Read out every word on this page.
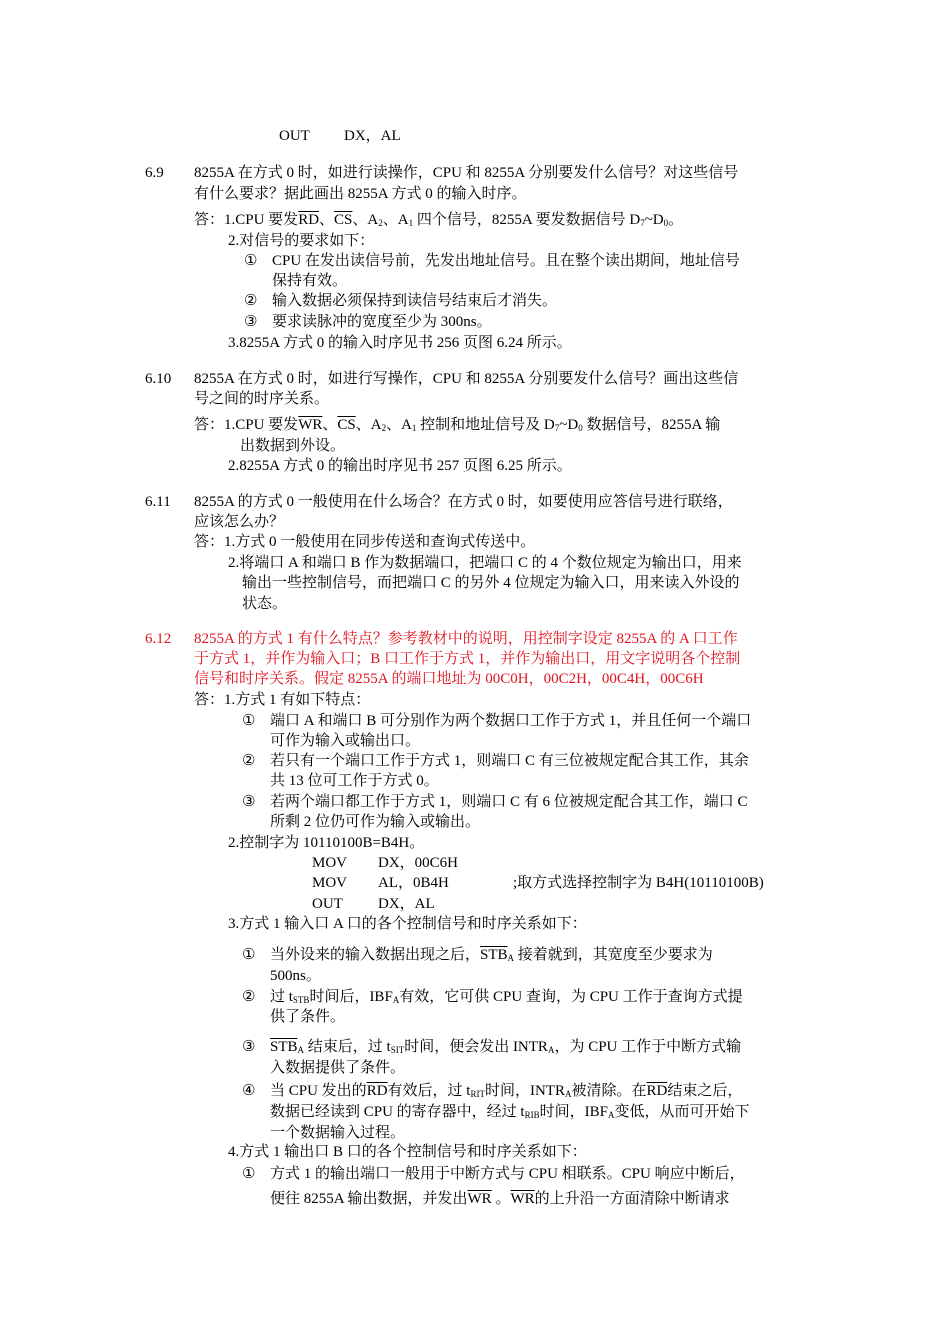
OUT DX，AL
6.9 8255A 在方式 0 时，如进行读操作，CPU 和 8255A 分别要发什么信号？对这些信号
有什么要求？据此画出 8255A 方式 0 的输入时序。
答：1.CPU 要发$\overline{RD}$、$\overline{CS}$、$A_2$、$A_1$ 四个信号，8255A 要发数据信号 $D_7\sim D_0$。
2.对信号的要求如下：
① CPU 在发出读信号前，先发出地址信号。且在整个读出期间，地址信号
保持有效。
② 输入数据必须保持到读信号结束后才消失。
③ 要求读脉冲的宽度至少为 300ns。
3.8255A 方式 0 的输入时序见书 256 页图 6.24 所示。
6.10 8255A 在方式 0 时，如进行写操作，CPU 和 8255A 分别要发什么信号？画出这些信
号之间的时序关系。
答：1.CPU 要发$\overline{WR}$、$\overline{CS}$、$A_2$、$A_1$ 控制和地址信号及 $D_7\sim D_0$ 数据信号，8255A 输
出数据到外设。
2.8255A 方式 0 的输出时序见书 257 页图 6.25 所示。
6.11 8255A 的方式 0 一般使用在什么场合？在方式 0 时，如要使用应答信号进行联络，
应该怎么办？
答：1.方式 0 一般使用在同步传送和查询式传送中。
2.将端口 A 和端口 B 作为数据端口，把端口 C 的 4 个数位规定为输出口，用来
输出一些控制信号，而把端口 C 的另外 4 位规定为输入口，用来读入外设的
状态。
6.12 8255A 的方式 1 有什么特点？参考教材中的说明，用控制字设定 8255A 的 A 口工作
于方式 1，并作为输入口；B 口工作于方式 1，并作为输出口，用文字说明各个控制
信号和时序关系。假定 8255A 的端口地址为 00C0H，00C2H，00C4H，00C6H
答：1.方式 1 有如下特点：
① 端口 A 和端口 B 可分别作为两个数据口工作于方式 1，并且任何一个端口
可作为输入或输出口。
② 若只有一个端口工作于方式 1，则端口 C 有三位被规定配合其工作，其余
共 13 位可工作于方式 0。
③ 若两个端口都工作于方式 1，则端口 C 有 6 位被规定配合其工作，端口 C
所剩 2 位仍可作为输入或输出。
2.控制字为 10110100B=B4H。
MOV DX，00C6H
MOV AL，0B4H	;取方式选择控制字为 B4H(10110100B)
OUT DX，AL
3.方式 1 输入口 A 口的各个控制信号和时序关系如下：
① 当外设来的输入数据出现之后，$\overline{STB}_A$ 接着就到，其宽度至少要求为
500ns。
② 过 $t_{STB}$时间后，$IBF_A$有效，它可供 CPU 查询，为 CPU 工作于查询方式提
供了条件。
③ $\overline{STB}_A$ 结束后，过 $t_{SIT}$时间，便会发出 $INTR_A$，为 CPU 工作于中断方式输
入数据提供了条件。
④ 当 CPU 发出的$\overline{RD}$有效后，过 $t_{RIT}$时间，$INTR_A$被清除。在$\overline{RD}$结束之后，
数据已经读到 CPU 的寄存器中，经过 $t_{RIB}$时间，$IBF_A$变低，从而可开始下
一个数据输入过程。
4.方式 1 输出口 B 口的各个控制信号和时序关系如下：
① 方式 1 的输出端口一般用于中断方式与 CPU 相联系。CPU 响应中断后，
便往 8255A 输出数据，并发出$\overline{WR}$ 。$\overline{WR}$的上升沿一方面清除中断请求
